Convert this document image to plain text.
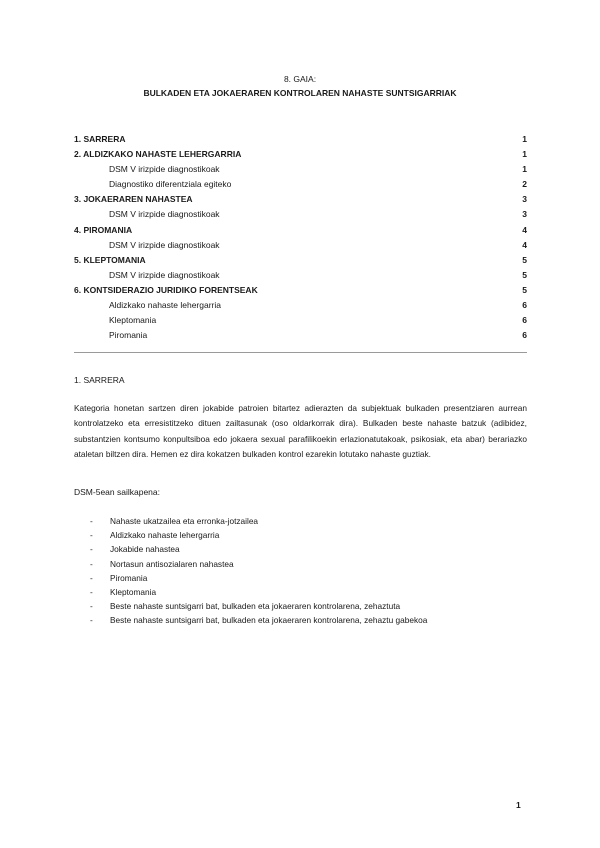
8. GAIA:
BULKADEN ETA JOKAERAREN KONTROLAREN NAHASTE SUNTSIGARRIAK
1. SARRERA	1
2. ALDIZKAKO NAHASTE LEHERGARRIA	1
DSM V irizpide diagnostikoak	1
Diagnostiko diferentziala egiteko	2
3. JOKAERAREN NAHASTEA	3
DSM V irizpide diagnostikoak	3
4. PIROMANIA	4
DSM V irizpide diagnostikoak	4
5. KLEPTOMANIA	5
DSM V irizpide diagnostikoak	5
6. KONTSIDERAZIO JURIDIKO FORENTSEAK	5
Aldizkako nahaste lehergarria	6
Kleptomania	6
Piromania	6
1. SARRERA
Kategoria honetan sartzen diren jokabide patroien bitartez adierazten da subjektuak bulkaden presentziaren aurrean kontrolatzeko eta erresistitzeko dituen zailtasunak (oso oldarkorrak dira). Bulkaden beste nahaste batzuk (adibidez, substantzien kontsumo konpultsiboa edo jokaera sexual parafilikoekin erlazionatutakoak, psikosiak, eta abar) berariazko ataletan biltzen dira. Hemen ez dira kokatzen bulkaden kontrol ezarekin lotutako nahaste guztiak.
DSM-5ean sailkapena:
-	Nahaste ukatzailea eta erronka-jotzailea
-	Aldizkako nahaste lehergarria
-	Jokabide nahastea
-	Nortasun antisozialaren nahastea
-	Piromania
-	Kleptomania
-	Beste nahaste suntsigarri bat, bulkaden eta jokaeraren kontrolarena, zehaztuta
-	Beste nahaste suntsigarri bat, bulkaden eta jokaeraren kontrolarena, zehaztu gabekoa
1
